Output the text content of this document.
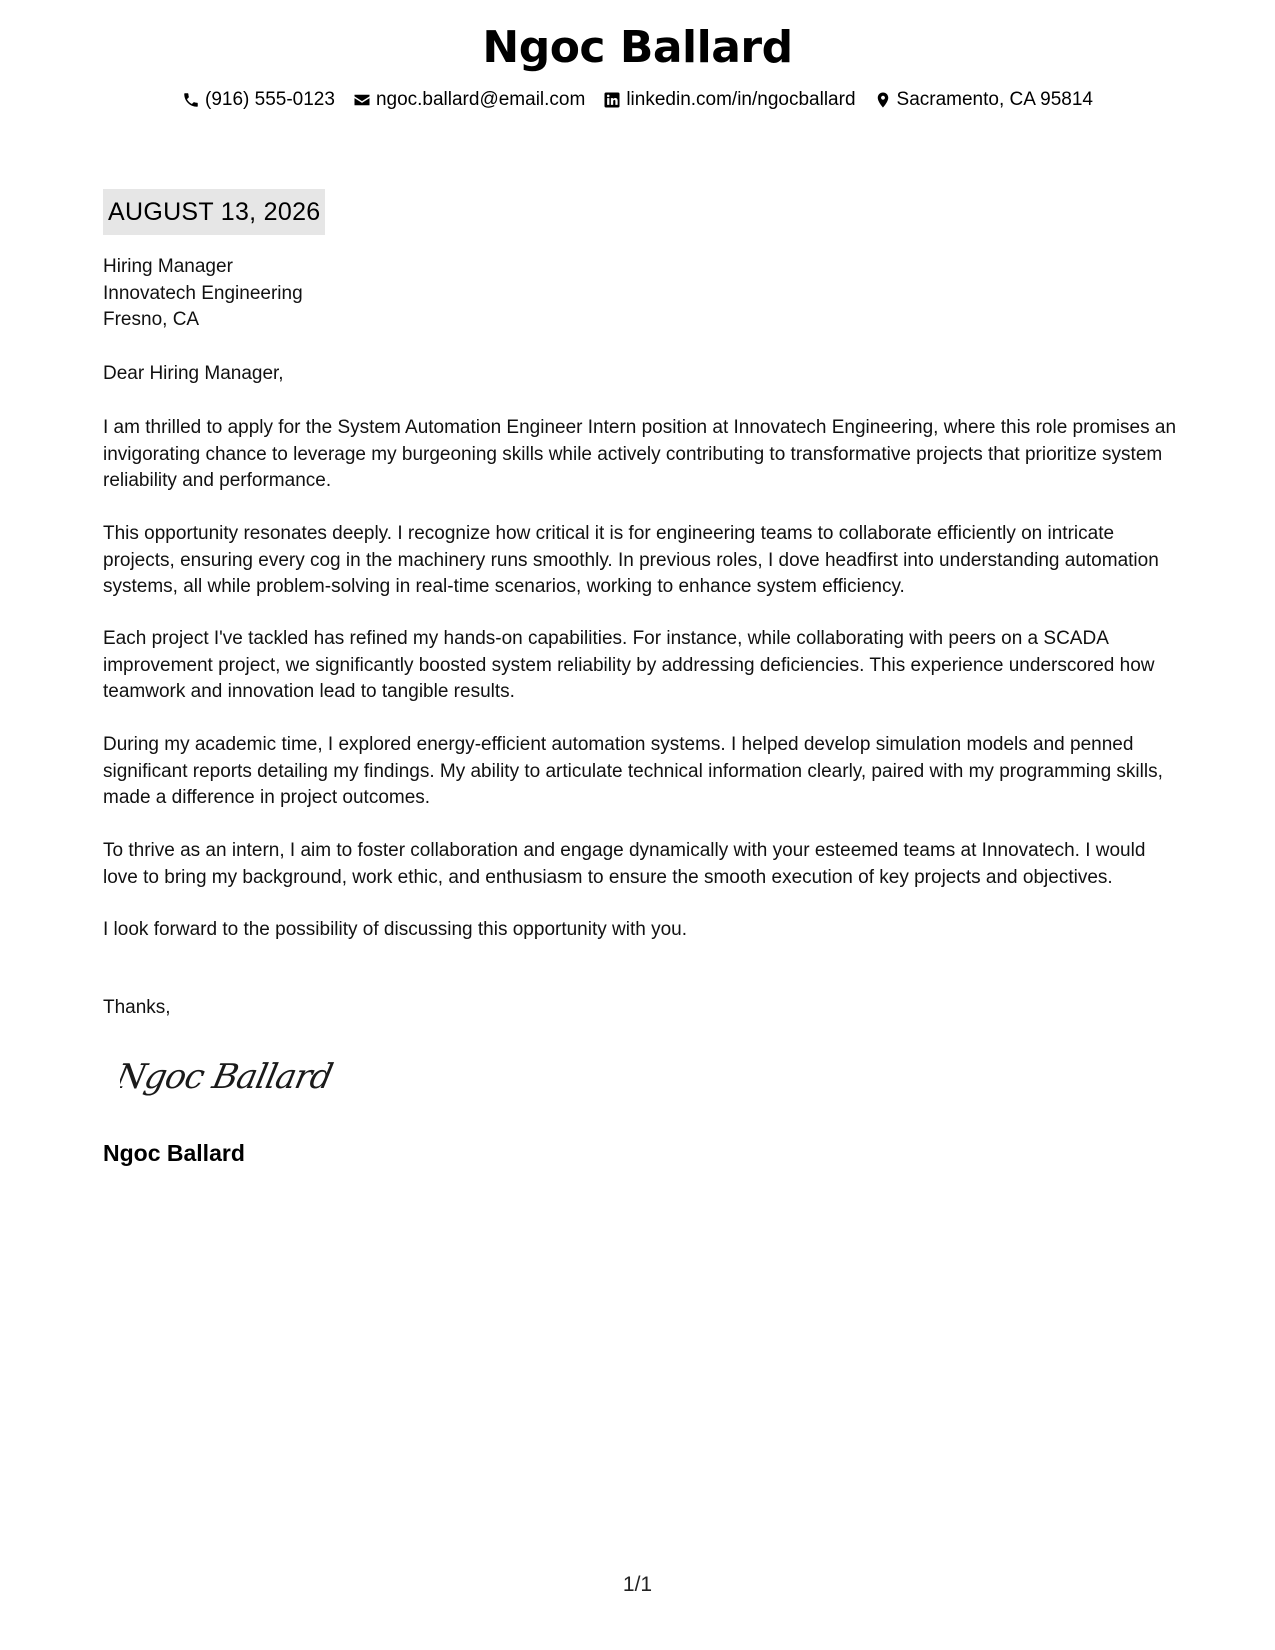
Ngoc Ballard
(916) 555-0123 ngoc.ballard@email.com linkedin.com/in/ngocballard Sacramento, CA 95814
AUGUST 13, 2026
Hiring Manager
Innovatech Engineering
Fresno, CA
Dear Hiring Manager,
I am thrilled to apply for the System Automation Engineer Intern position at Innovatech Engineering, where this role promises an invigorating chance to leverage my burgeoning skills while actively contributing to transformative projects that prioritize system reliability and performance.
This opportunity resonates deeply. I recognize how critical it is for engineering teams to collaborate efficiently on intricate projects, ensuring every cog in the machinery runs smoothly. In previous roles, I dove headfirst into understanding automation systems, all while problem-solving in real-time scenarios, working to enhance system efficiency.
Each project I've tackled has refined my hands-on capabilities. For instance, while collaborating with peers on a SCADA improvement project, we significantly boosted system reliability by addressing deficiencies. This experience underscored how teamwork and innovation lead to tangible results.
During my academic time, I explored energy-efficient automation systems. I helped develop simulation models and penned significant reports detailing my findings. My ability to articulate technical information clearly, paired with my programming skills, made a difference in project outcomes.
To thrive as an intern, I aim to foster collaboration and engage dynamically with your esteemed teams at Innovatech. I would love to bring my background, work ethic, and enthusiasm to ensure the smooth execution of key projects and objectives.
I look forward to the possibility of discussing this opportunity with you.
Thanks,
Ngoc Ballard
Ngoc Ballard
1/1
